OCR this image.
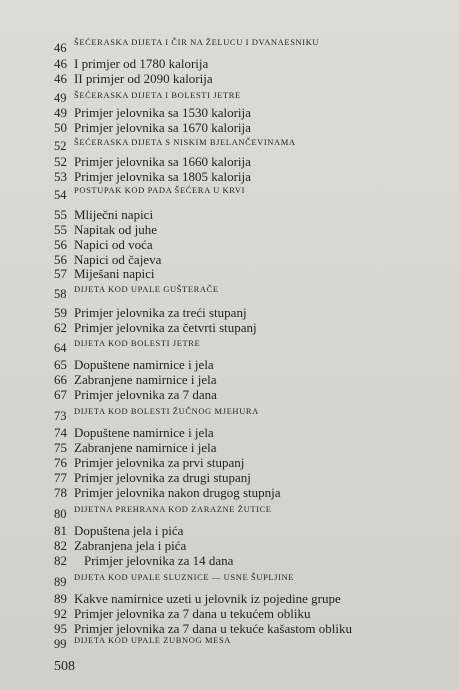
46 ŠEĆERASKA DIJETA I ČIR NA ŽELUCU I DVANAESNIKU
46 I primjer od 1780 kalorija
46 II primjer od 2090 kalorija
49 ŠEĆERASKA DIJETA I BOLESTI JETRE
49 Primjer jelovnika sa 1530 kalorija
50 Primjer jelovnika sa 1670 kalorija
52 ŠEĆERASKA DIJETA S NISKIM BJELANČEVINAMA
52 Primjer jelovnika sa 1660 kalorija
53 Primjer jelovnika sa 1805 kalorija
54 POSTUPAK KOD PADA ŠEĆERA U KRVI
55 Mliječni napici
55 Napitak od juhe
56 Napici od voća
56 Napici od čajeva
57 Miješani napici
58 DIJETA KOD UPALE GUŠTERAČE
59 Primjer jelovnika za treći stupanj
62 Primjer jelovnika za četvrti stupanj
64 DIJETA KOD BOLESTI JETRE
65 Dopuštene namirnice i jela
66 Zabranjene namirnice i jela
67 Primjer jelovnika za 7 dana
73 DIJETA KOD BOLESTI ŽUČNOG MJEHURA
74 Dopuštene namirnice i jela
75 Zabranjene namirnice i jela
76 Primjer jelovnika za prvi stupanj
77 Primjer jelovnika za drugi stupanj
78 Primjer jelovnika nakon drugog stupnja
80 DIJETNA PREHRANA KOD ZARAZNE ŽUTICE
81 Dopuštena jela i pića
82 Zabranjena jela i pića
82 Primjer jelovnika za 14 dana
89 DIJETA KOD UPALE SLUZNICE — USNE ŠUPLJINE
89 Kakve namirnice uzeti u jelovnik iz pojedine grupe
92 Primjer jelovnika za 7 dana u tekućem obliku
95 Primjer jelovnika za 7 dana u tekuće kašastom obliku
99 DIJETA KOD UPALE ZUBNOG MESA
508
